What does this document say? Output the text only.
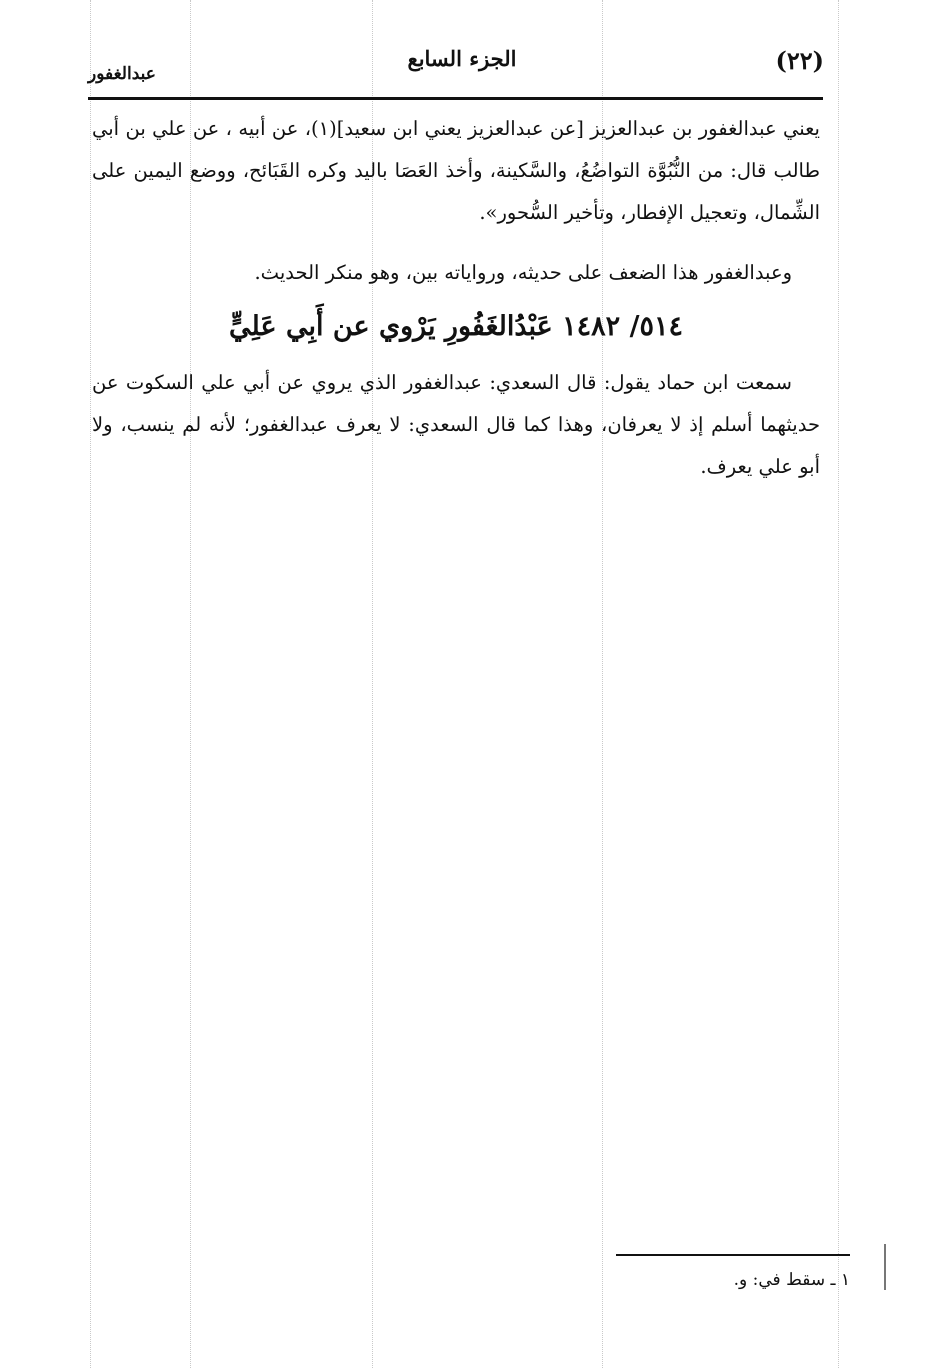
(٢٢)
الجزء السابع
عبدالغفور

يعني عبدالغفور بن عبدالعزيز [عن عبدالعزيز يعني ابن سعيد](١)، عن أبيه ، عن علي بن أبي طالب قال: من النُّبُوَّة التواضُعُ، والسَّكينة، وأخذ العَصَا باليد وكره القَبَائح، ووضع اليمين على الشِّمال، وتعجيل الإفطار، وتأخير السُّحور».

وعبدالغفور هذا الضعف على حديثه، ورواياته بين، وهو منكر الحديث.

٥١٤/ ١٤٨٢ عَبْدُالغَفُورِ يَرْوي عن أَبِي عَلِيٍّ

سمعت ابن حماد يقول: قال السعدي: عبدالغفور الذي يروي عن أبي علي السكوت عن حديثهما أسلم إذ لا يعرفان، وهذا كما قال السعدي: لا يعرف عبدالغفور؛ لأنه لم ينسب، ولا أبو علي يعرف.

١ ـ سقط في: و.
